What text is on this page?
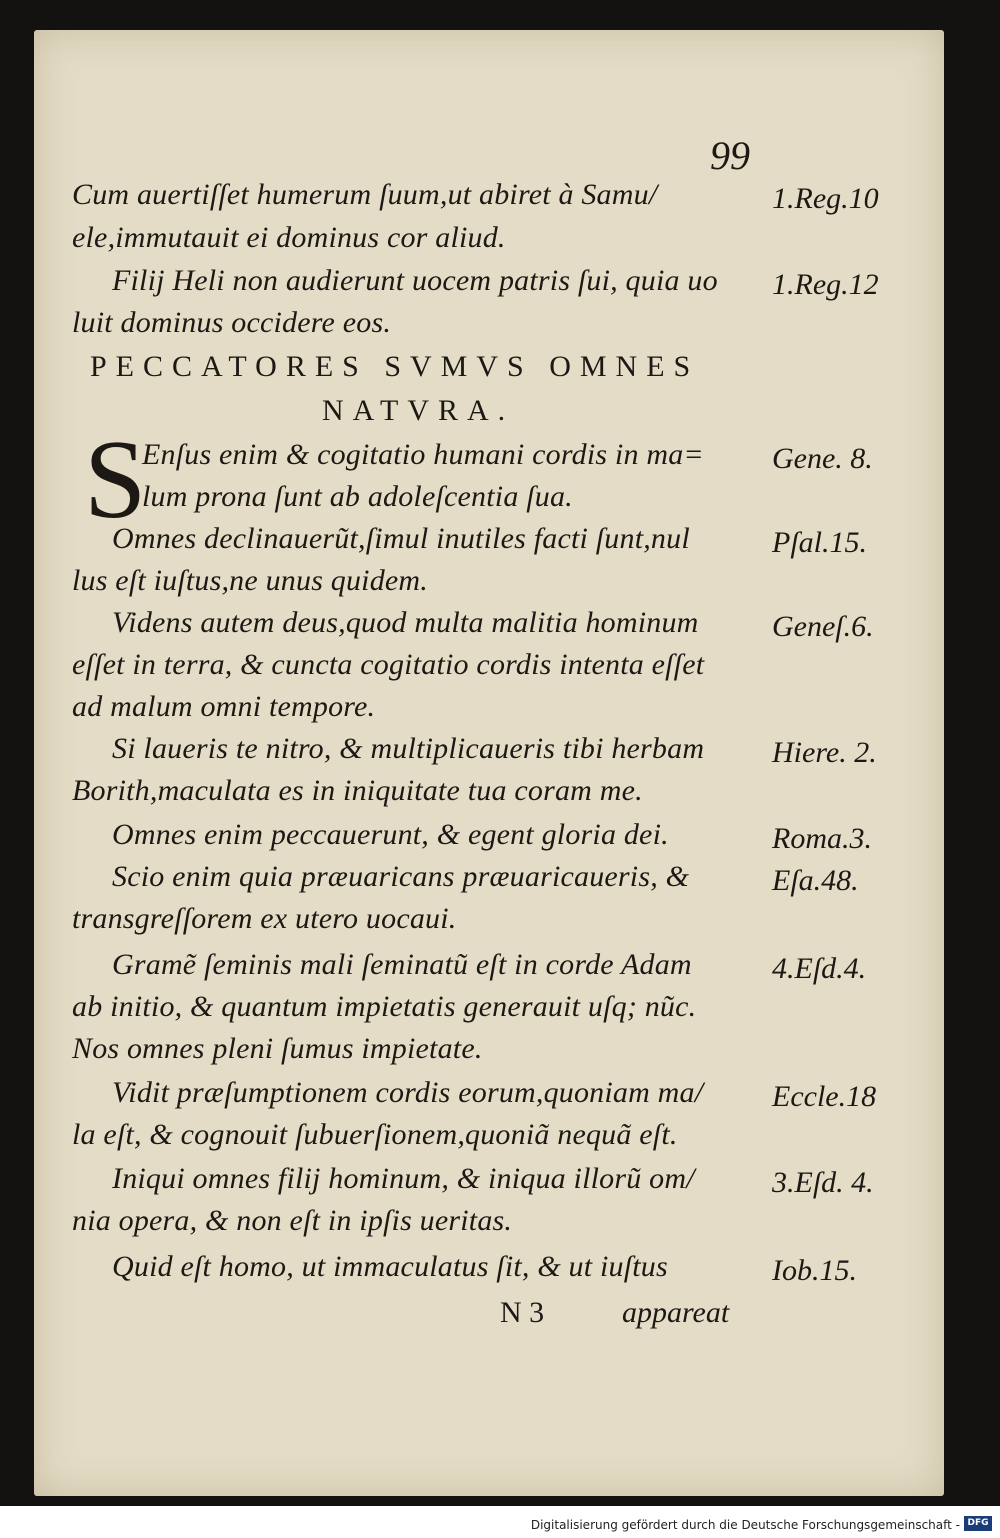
99
Cum auertiſſet humerum ſuum,ut abiret à Samu/	1.Reg.10
ele,immutauit ei dominus cor aliud.
Filij Heli non audierunt uocem patris ſui, quia uo 1.Reg.12
luit dominus occidere eos.
PECCATORES SVMVS OMNES
NATVRA.
S
Enſus enim & cogitatio humani cordis in ma= Gene. 8.
lum prona ſunt ab adoleſcentia ſua.
Omnes declinauerũt,ſimul inutiles facti ſunt,nul	Pſal.15.
lus eſt iuſtus,ne unus quidem.
Videns autem deus,quod multa malitia hominum Geneſ.6.
eſſet in terra, & cuncta cogitatio cordis intenta eſſet
ad malum omni tempore.
Si laueris te nitro, & multiplicaueris tibi herbam Hiere. 2.
Borith,maculata es in iniquitate tua coram me.
Omnes enim peccauerunt, & egent gloria dei.	Roma.3.
Scio enim quia præuaricans præuaricaueris, &	Eſa.48.
transgreſſorem ex utero uocaui.
Gramẽ ſeminis mali ſeminatũ eſt in corde Adam	4.Eſd.4.
ab initio, & quantum impietatis generauit uſq; nũc.
Nos omnes pleni ſumus impietate.
Vidit præſumptionem cordis eorum,quoniam ma/ Eccle.18
la eſt, & cognouit ſubuerſionem,quoniã nequã eſt.
Iniqui omnes filij hominum, & iniqua illorũ om/	3.Eſd. 4.
nia opera, & non eſt in ipſis ueritas.
Quid eſt homo, ut immaculatus ſit, & ut iuſtus	Iob.15.
N 3	appareat
Digitalisierung gefördert durch die Deutsche Forschungsgemeinschaft - DFG
